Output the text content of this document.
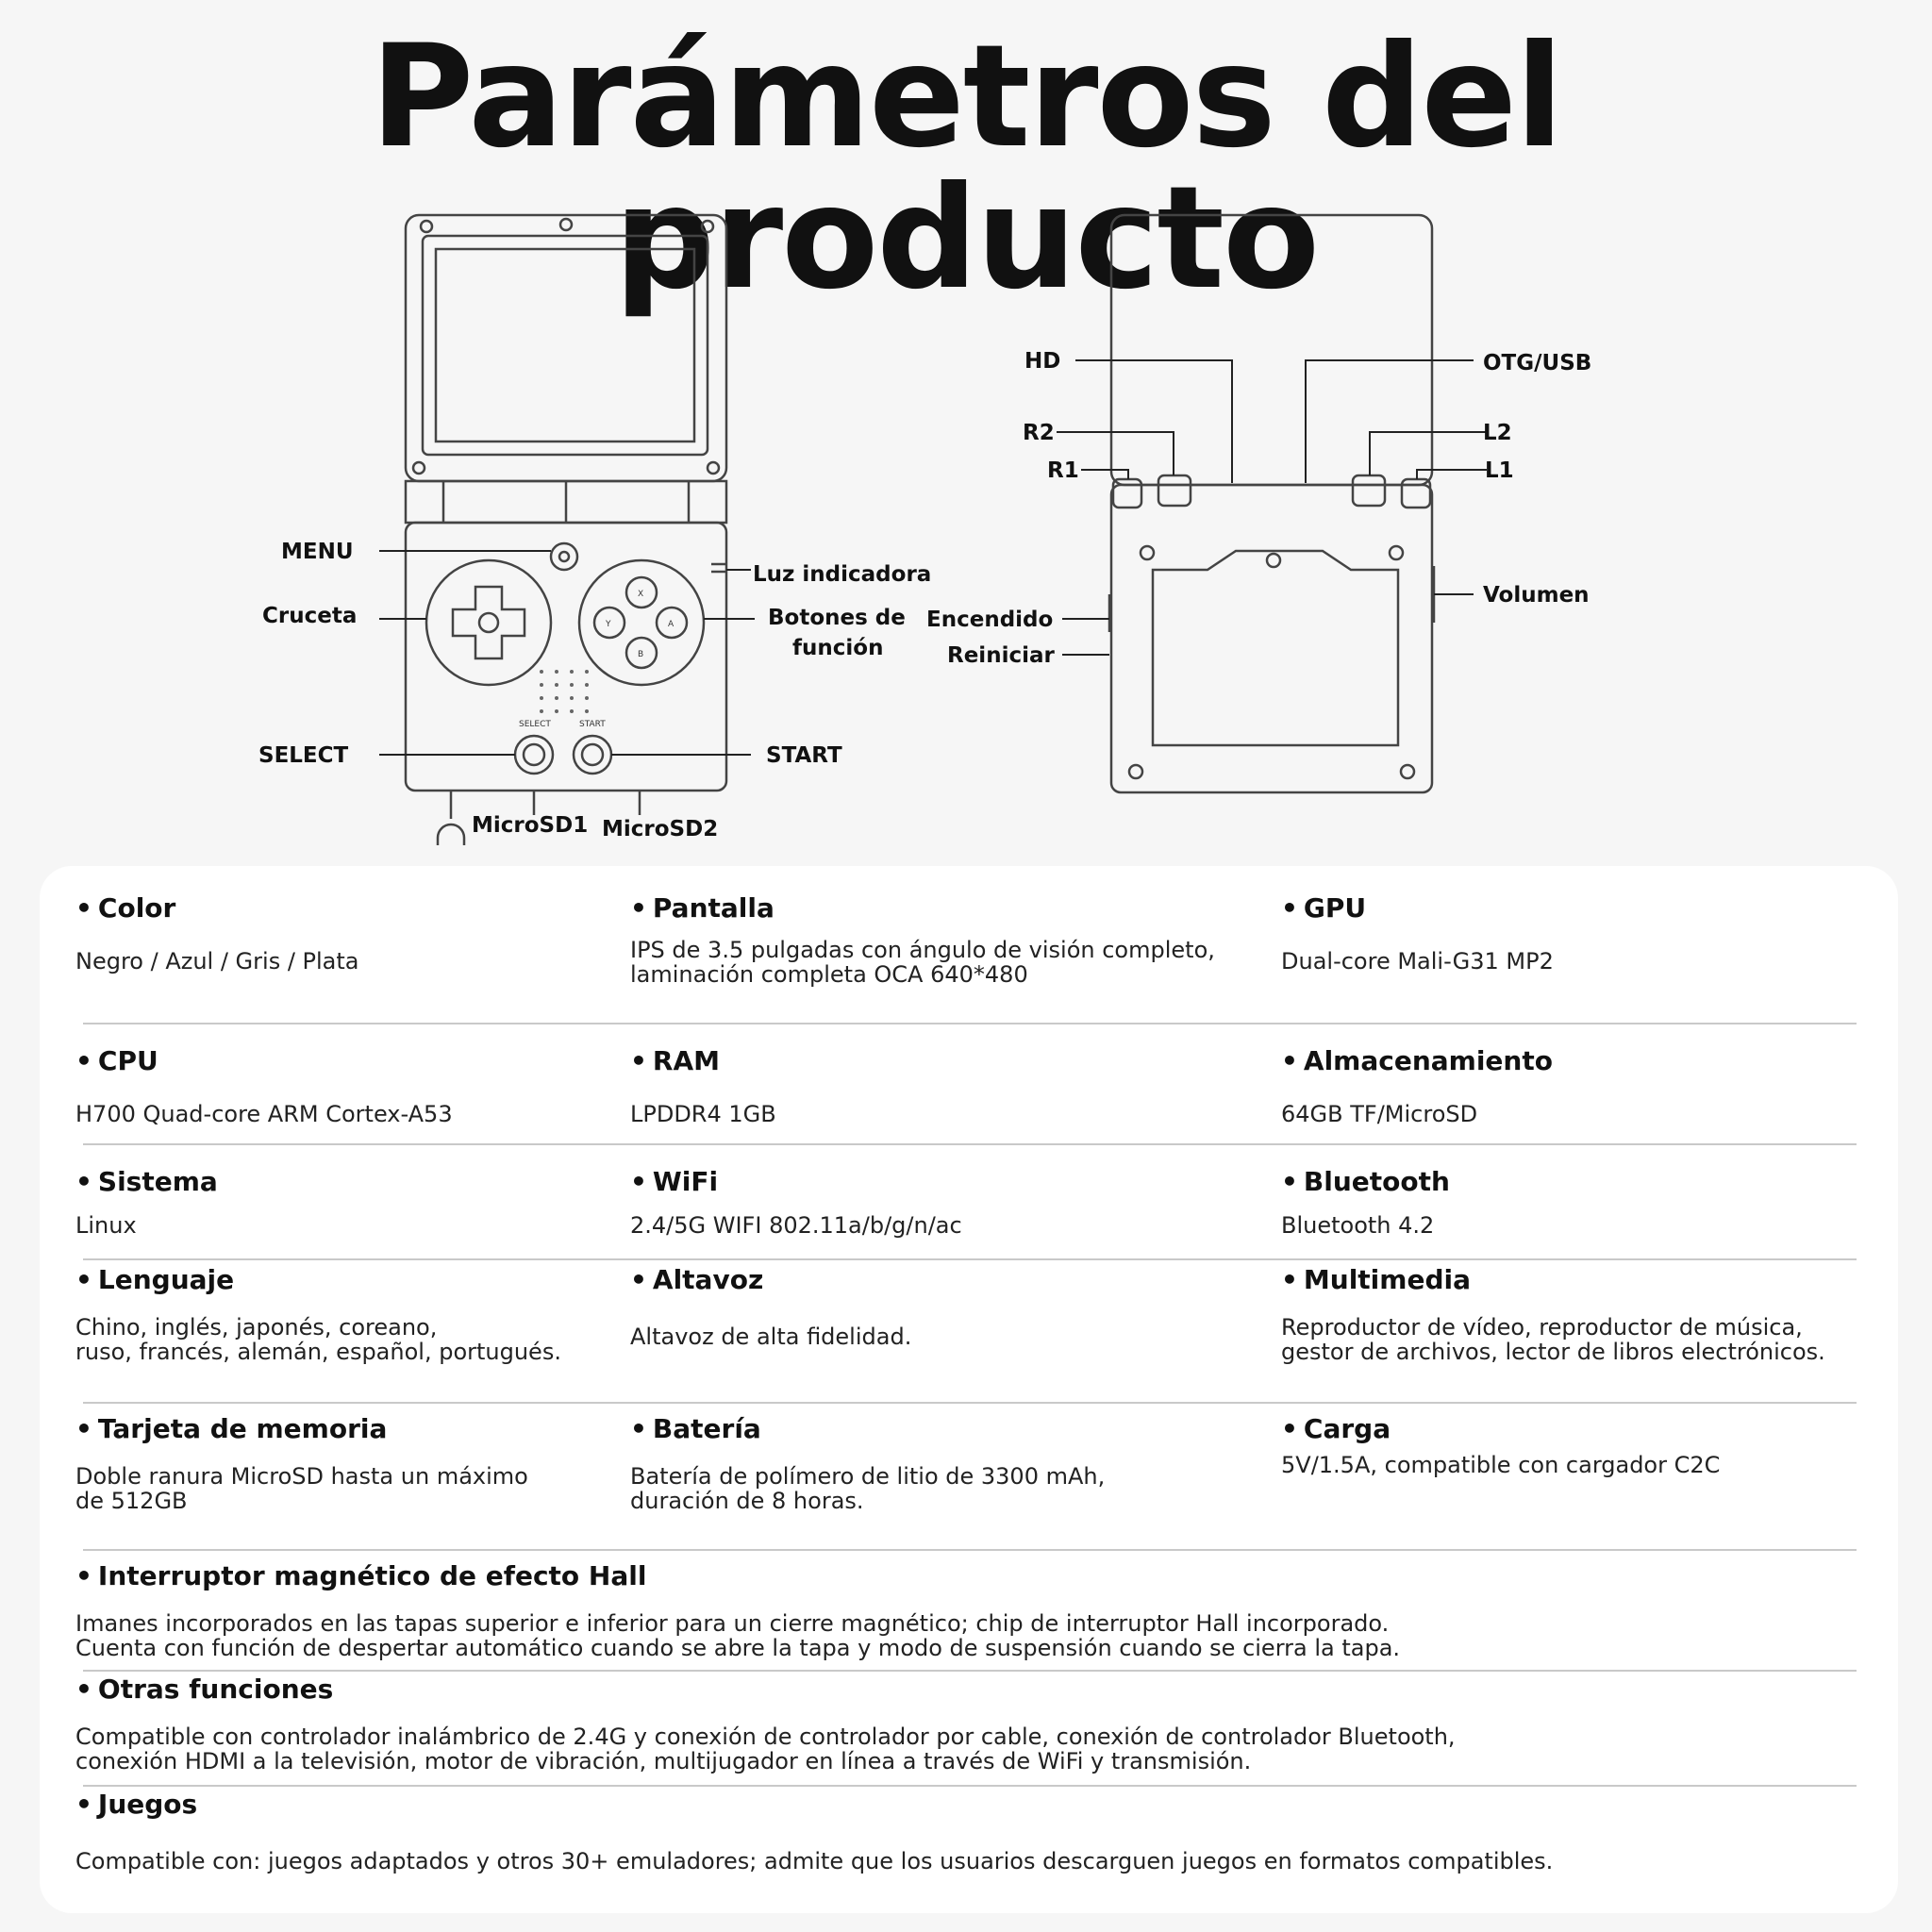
Parámetros del producto
X
Y	A
B
SELECT	START
MENU
Cruceta
SELECT
Luz indicadora
Botones de
función
START
MicroSD1 MicroSD2
HD
R2
R1
OTG/USB
L2
L1
Volumen
Encendido
Reiniciar
• Color

Negro / Azul / Gris / Plata

• Pantalla

IPS de 3.5 pulgadas con ángulo de visión completo,
laminación completa OCA 640*480

• GPU

Dual-core Mali-G31 MP2

• CPU

H700 Quad-core ARM Cortex-A53

• RAM

LPDDR4 1GB

• Almacenamiento

64GB TF/MicroSD

• Sistema

Linux

• WiFi

2.4/5G WIFI 802.11a/b/g/n/ac

• Bluetooth

Bluetooth 4.2

• Lenguaje

Chino, inglés, japonés, coreano,
ruso, francés, alemán, español, portugués.

• Altavoz

Altavoz de alta fidelidad.

• Multimedia

Reproductor de vídeo, reproductor de música,
gestor de archivos, lector de libros electrónicos.

• Tarjeta de memoria

Doble ranura MicroSD hasta un máximo
de 512GB

• Batería

Batería de polímero de litio de 3300 mAh,
duración de 8 horas.

• Carga

5V/1.5A, compatible con cargador C2C

• Interruptor magnético de efecto Hall

Imanes incorporados en las tapas superior e inferior para un cierre magnético; chip de interruptor Hall incorporado.
Cuenta con función de despertar automático cuando se abre la tapa y modo de suspensión cuando se cierra la tapa.

• Otras funciones

Compatible con controlador inalámbrico de 2.4G y conexión de controlador por cable, conexión de controlador Bluetooth,
conexión HDMI a la televisión, motor de vibración, multijugador en línea a través de WiFi y transmisión.

• Juegos

Compatible con: juegos adaptados y otros 30+ emuladores; admite que los usuarios descarguen juegos en formatos compatibles.
